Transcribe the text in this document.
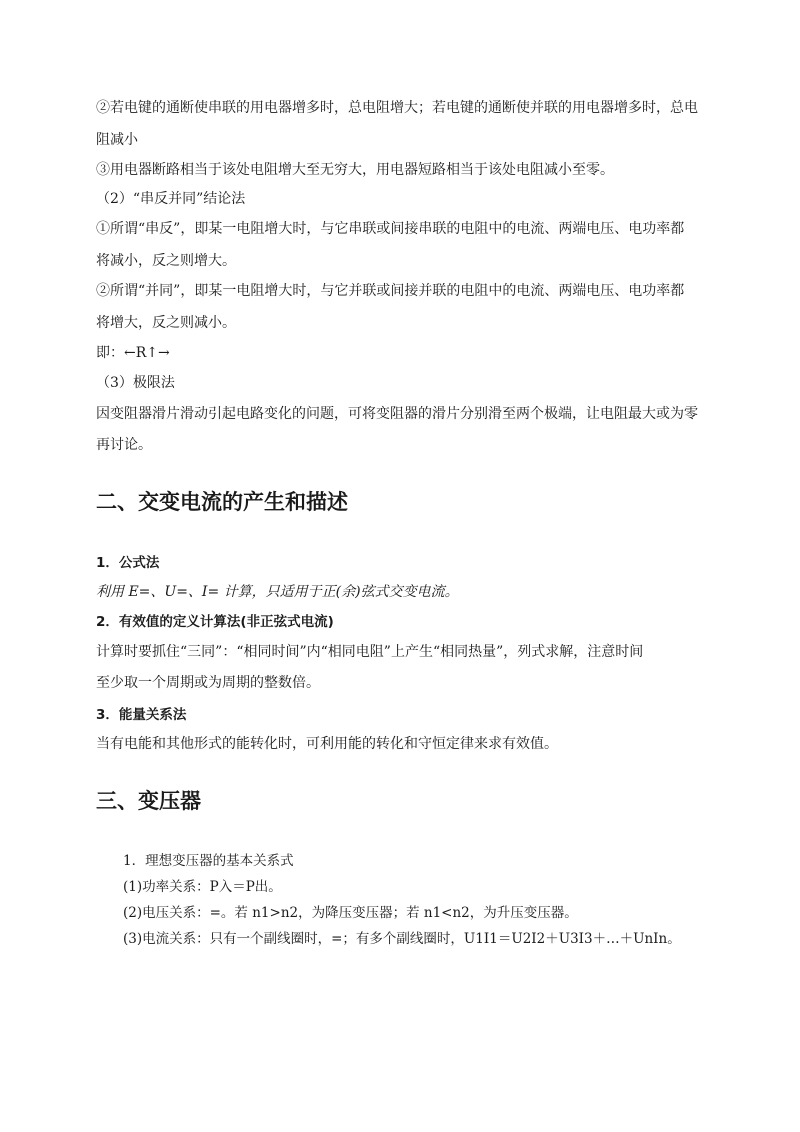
②若电键的通断使串联的用电器增多时，总电阻增大；若电键的通断使并联的用电器增多时，总电
阻减小
③用电器断路相当于该处电阻增大至无穷大，用电器短路相当于该处电阻减小至零。
（2）“串反并同”结论法
①所谓“串反”，即某一电阻增大时，与它串联或间接串联的电阻中的电流、两端电压、电功率都
将减小，反之则增大。
②所谓“并同”，即某一电阻增大时，与它并联或间接并联的电阻中的电流、两端电压、电功率都
将增大，反之则减小。
即：←R↑→
（3）极限法
因变阻器滑片滑动引起电路变化的问题，可将变阻器的滑片分别滑至两个极端，让电阻最大或为零
再讨论。
二、交变电流的产生和描述
1．公式法
利用 E=、U=、I= 计算，只适用于正(余)弦式交变电流。
2．有效值的定义计算法(非正弦式电流)
计算时要抓住“三同”：“相同时间”内“相同电阻”上产生“相同热量”，列式求解，注意时间
至少取一个周期或为周期的整数倍。
3．能量关系法
当有电能和其他形式的能转化时，可利用能的转化和守恒定律来求有效值。
三、变压器
1．理想变压器的基本关系式
(1)功率关系：P入＝P出。
(2)电压关系：=。若 n1>n2，为降压变压器；若 n1<n2，为升压变压器。
(3)电流关系：只有一个副线圈时，=；有多个副线圈时，U1I1＝U2I2＋U3I3＋…＋UnIn。
